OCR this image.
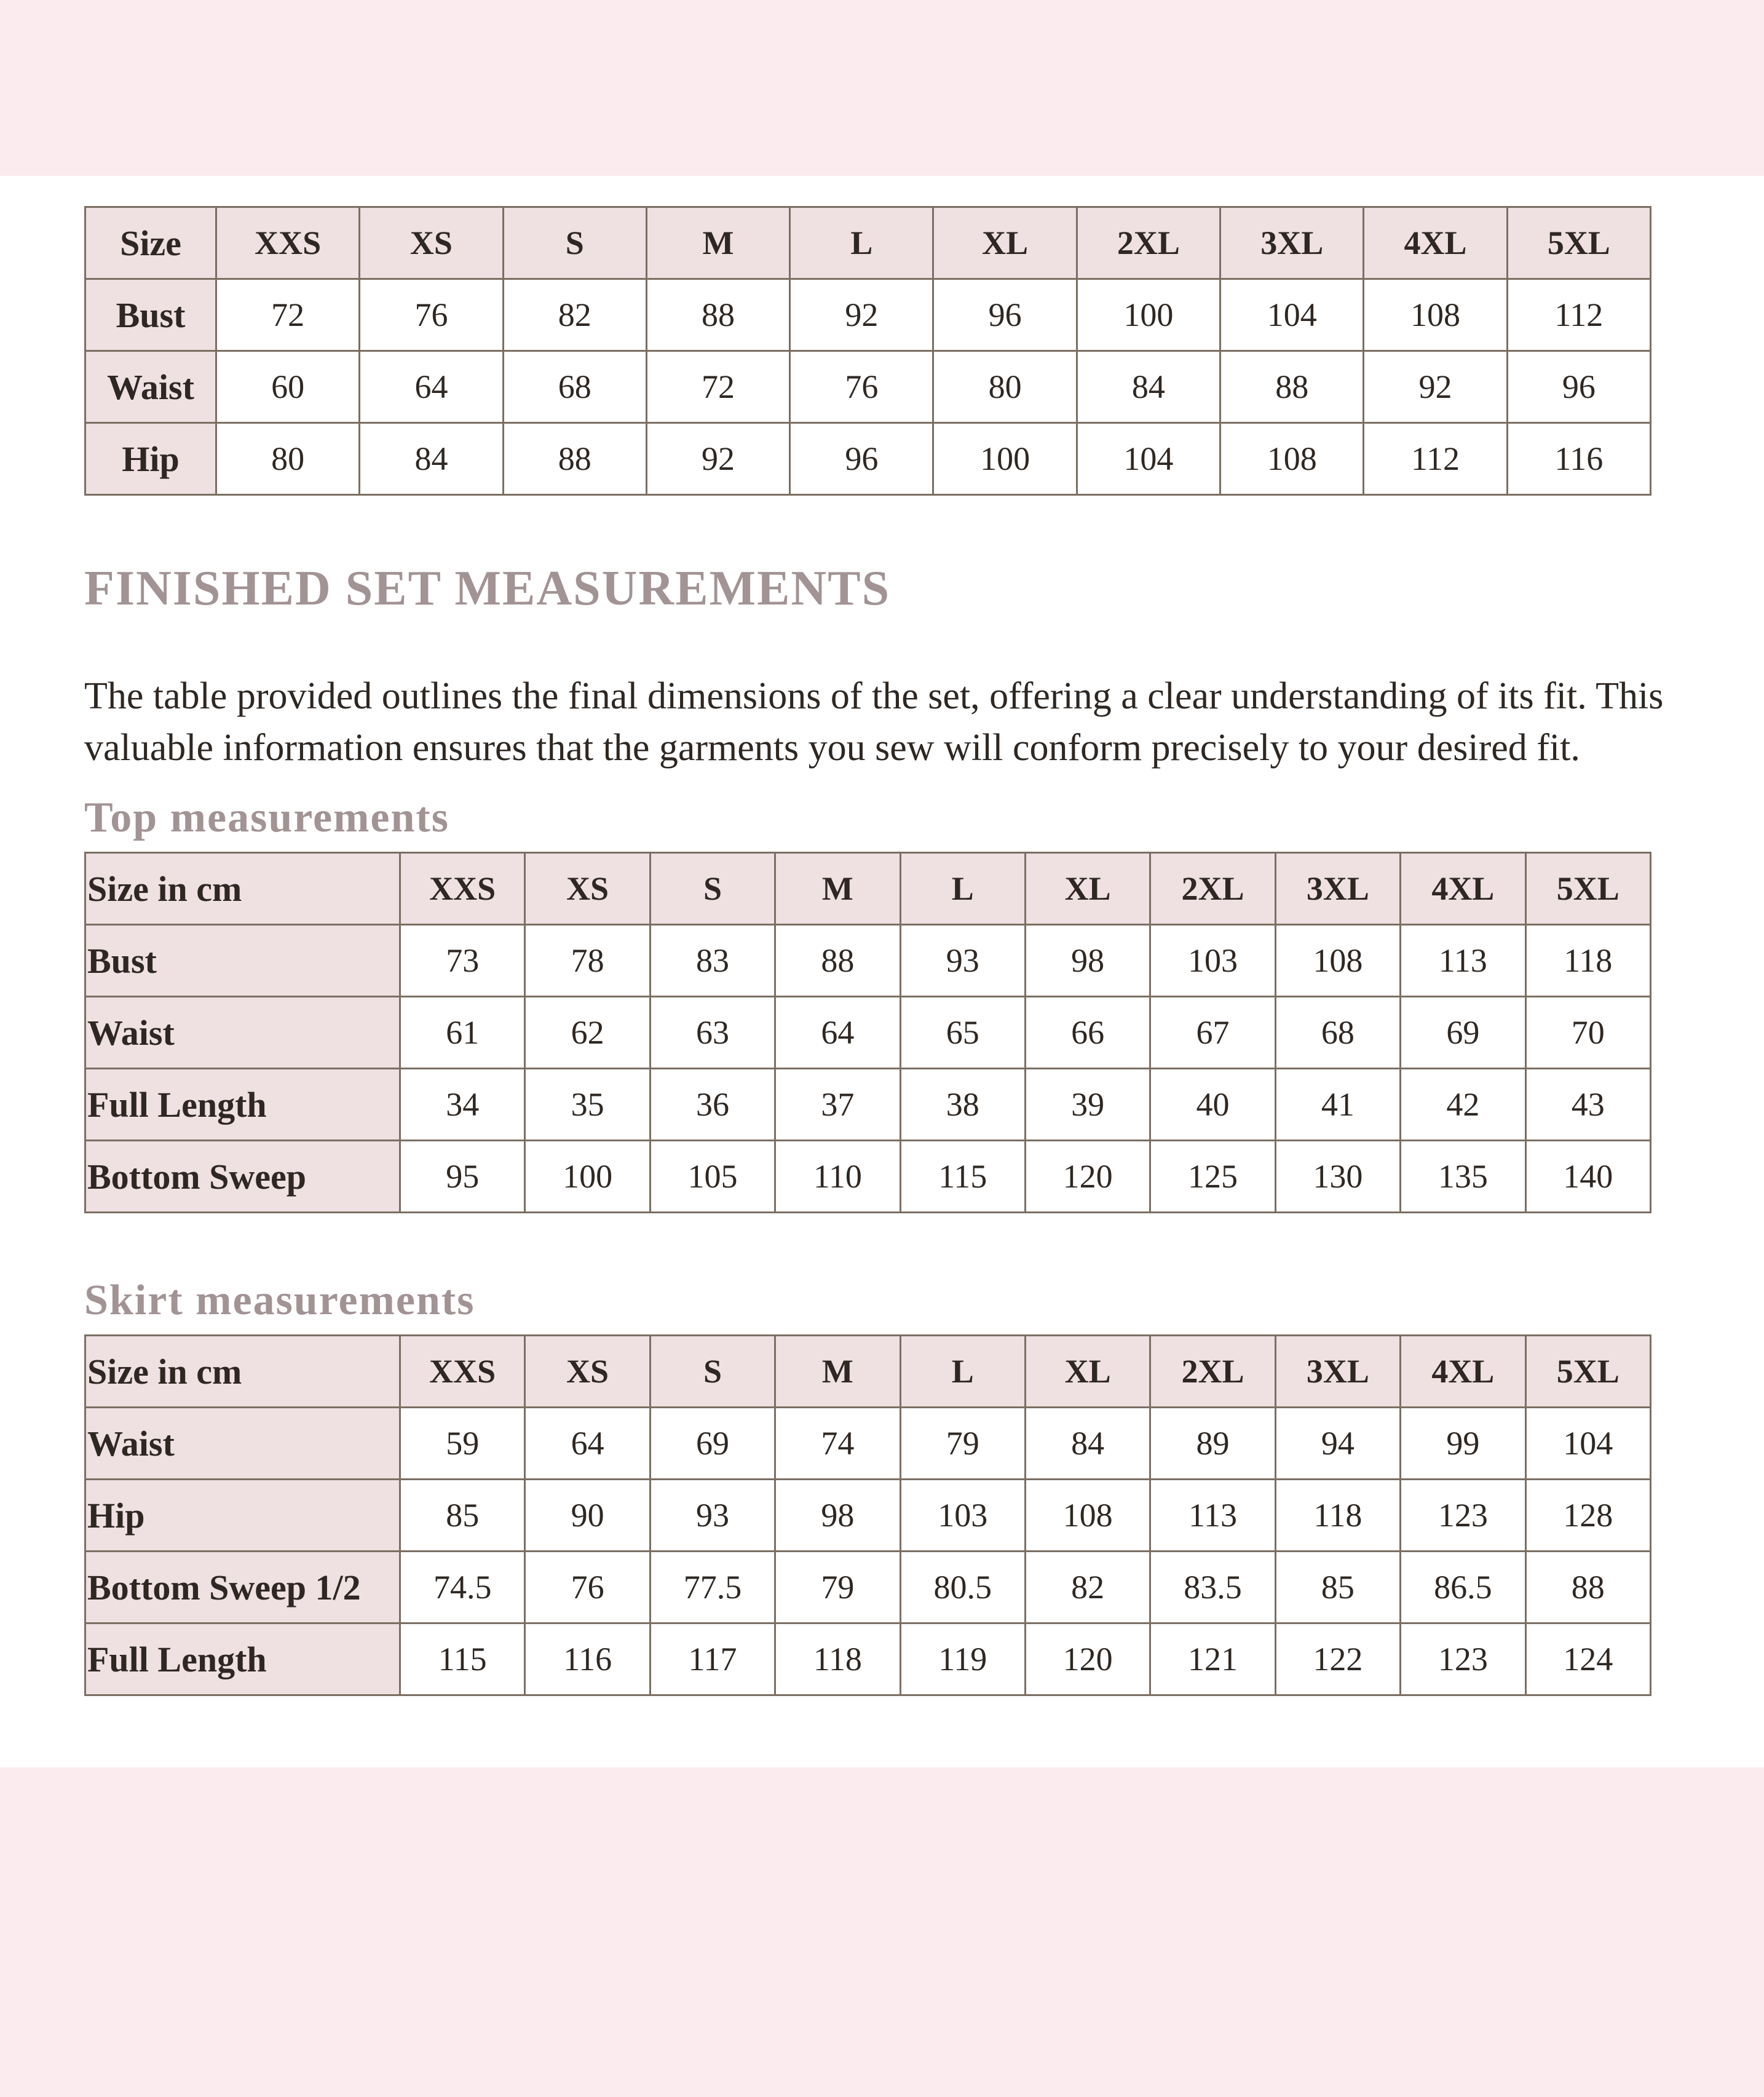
Size	XXS	XS	S	M	L	XL	2XL	3XL	4XL	5XL
Bust	72	76	82	88	92	96	100	104	108	112
Waist	60	64	68	72	76	80	84	88	92	96
Hip	80	84	88	92	96	100	104	108	112	116
FINISHED SET MEASUREMENTS
The table provided outlines the final dimensions of the set, offering a clear understanding of its fit. This valuable information ensures that the garments you sew will conform precisely to your desired fit.
Top measurements
Size in cm	XXS	XS	S	M	L	XL	2XL	3XL	4XL	5XL
Bust	73	78	83	88	93	98	103	108	113	118
Waist	61	62	63	64	65	66	67	68	69	70
Full Length	34	35	36	37	38	39	40	41	42	43
Bottom Sweep	95	100	105	110	115	120	125	130	135	140
Skirt measurements
Size in cm	XXS	XS	S	M	L	XL	2XL	3XL	4XL	5XL
Waist	59	64	69	74	79	84	89	94	99	104
Hip	85	90	93	98	103	108	113	118	123	128
Bottom Sweep 1/2	74.5	76	77.5	79	80.5	82	83.5	85	86.5	88
Full Length	115	116	117	118	119	120	121	122	123	124
